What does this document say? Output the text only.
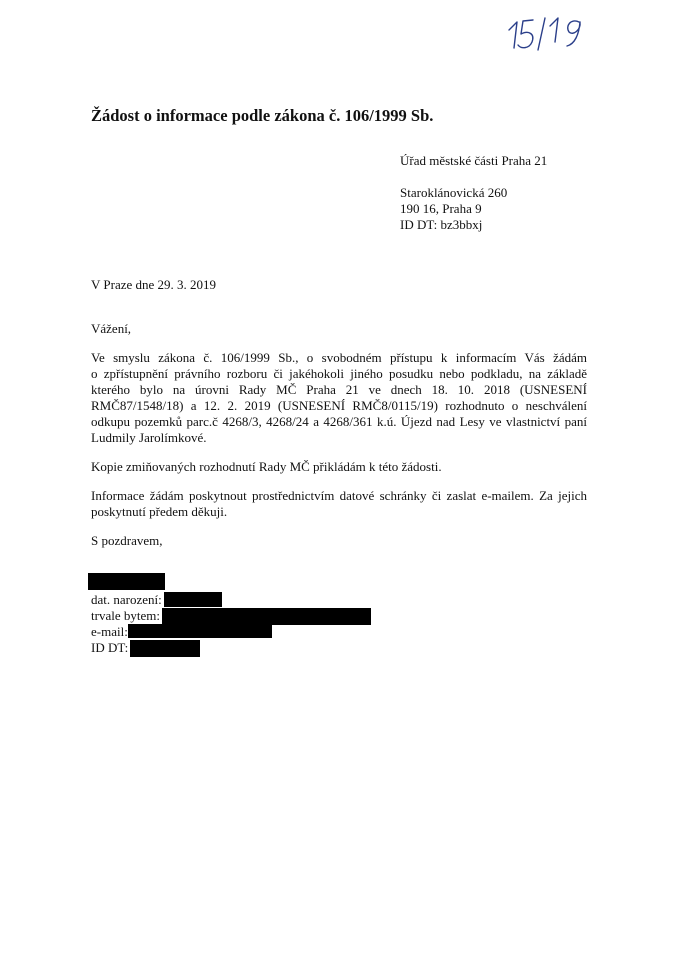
15/19
Žádost o informace podle zákona č. 106/1999 Sb.
Úřad městské části Praha 21
Staroklánovická 260
190 16, Praha 9
ID DT: bz3bbxj
V Praze dne 29. 3. 2019
Vážení,
Ve smyslu zákona č. 106/1999 Sb., o svobodném přístupu k informacím Vás žádám
o zpřístupnění právního rozboru či jakéhokoli jiného posudku nebo podkladu, na základě
kterého bylo na úrovni Rady MČ Praha 21 ve dnech 18. 10. 2018 (USNESENÍ
RMČ87/1548/18) a 12. 2. 2019 (USNESENÍ RMČ8/0115/19) rozhodnuto o neschválení
odkupu pozemků parc.č 4268/3, 4268/24 a 4268/361 k.ú. Újezd nad Lesy ve vlastnictví paní
Ludmily Jarolímkové.
Kopie zmiňovaných rozhodnutí Rady MČ přikládám k této žádosti.
Informace žádám poskytnout prostřednictvím datové schránky či zaslat e-mailem. Za jejich
poskytnutí předem děkuji.
S pozdravem,
dat. narození:
trvale bytem:
e-mail:
ID DT:
